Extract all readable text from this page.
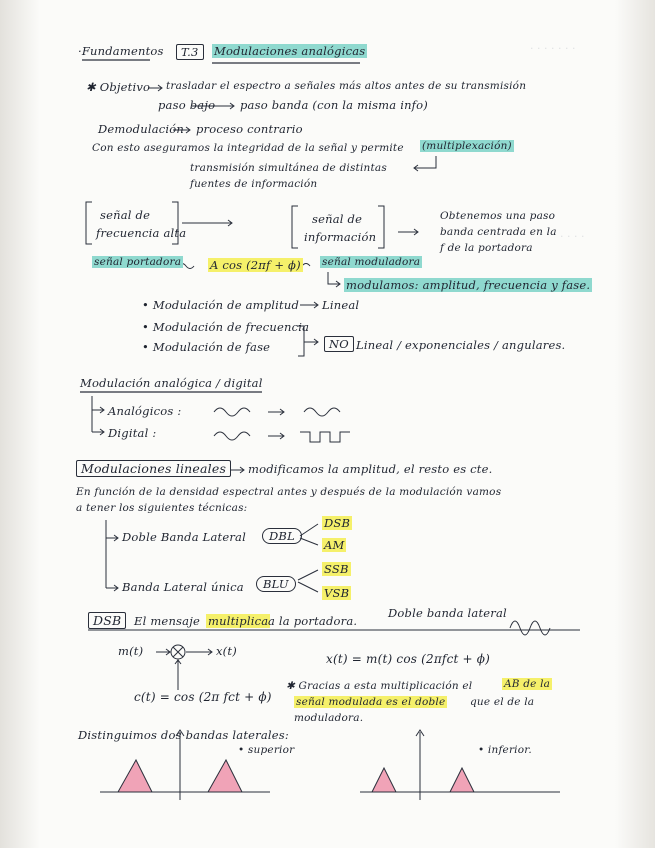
· · · · · · ·
· · · ·
·Fundamentos	T.3	Modulaciones analógicas
✱ Objetivo trasladar el espectro a señales más altos antes de su transmisión
paso bajo paso banda (con la misma info)
Demodulación proceso contrario
Con esto aseguramos la integridad de la señal y permite (multiplexación)
transmisión simultánea de distintas
fuentes de información
señal de
frecuencia alta
señal de
información
Obtenemos una paso
banda centrada en la
f de la portadora
señal portadora	A cos (2πf + ϕ) señal moduladora
modulamos: amplitud, frecuencia y fase.
• Modulación de amplitud Lineal
• Modulación de frecuencia
• Modulación de fase	NO Lineal / exponenciales / angulares.
Modulación analógica / digital
Analógicos :
Digital :
Modulaciones lineales	modificamos la amplitud, el resto es cte.
En función de la densidad espectral antes y después de la modulación vamos
a tener los siguientes técnicas:
Doble Banda Lateral	DBL
DSB
AM
Banda Lateral única	BLU
SSB
VSB
DSB	El mensaje multiplica a la portadora.
Doble banda lateral
m(t)	x(t)
x(t) = m(t) cos (2πfct + ϕ)
c(t) = cos (2π fct + ϕ)
✱ Gracias a esta multiplicación el	AB de la
señal modulada es el doble que el de la
moduladora.
Distinguimos dos bandas laterales:
• superior	• inferior.
